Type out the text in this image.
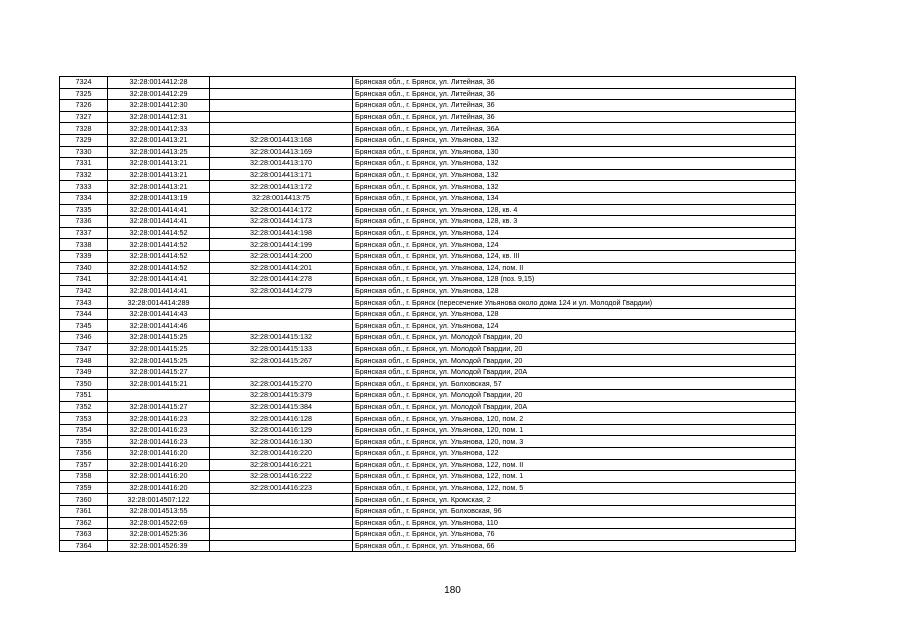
7324	32:28:0014412:28		Брянская обл., г. Брянск, ул. Литейная, 36
7325	32:28:0014412:29		Брянская обл., г. Брянск, ул. Литейная, 36
7326	32:28:0014412:30		Брянская обл., г. Брянск, ул. Литейная, 36
7327	32:28:0014412:31		Брянская обл., г. Брянск, ул. Литейная, 36
7328	32:28:0014412:33		Брянская обл., г. Брянск, ул. Литейная, 36А
7329	32:28:0014413:21	32:28:0014413:168	Брянская обл., г. Брянск, ул. Ульянова, 132
7330	32:28:0014413:25	32:28:0014413:169	Брянская обл., г. Брянск, ул. Ульянова, 130
7331	32:28:0014413:21	32:28:0014413:170	Брянская обл., г. Брянск, ул. Ульянова, 132
7332	32:28:0014413:21	32:28:0014413:171	Брянская обл., г. Брянск, ул. Ульянова, 132
7333	32:28:0014413:21	32:28:0014413:172	Брянская обл., г. Брянск, ул. Ульянова, 132
7334	32:28:0014413:19	32:28:0014413:75	Брянская обл., г. Брянск, ул. Ульянова, 134
7335	32:28:0014414:41	32:28:0014414:172	Брянская обл., г. Брянск, ул. Ульянова, 128, кв. 4
7336	32:28:0014414:41	32:28:0014414:173	Брянская обл., г. Брянск, ул. Ульянова, 128, кв. 3
7337	32:28:0014414:52	32:28:0014414:198	Брянская обл., г. Брянск, ул. Ульянова, 124
7338	32:28:0014414:52	32:28:0014414:199	Брянская обл., г. Брянск, ул. Ульянова, 124
7339	32:28:0014414:52	32:28:0014414:200	Брянская обл., г. Брянск, ул. Ульянова, 124, кв. III
7340	32:28:0014414:52	32:28:0014414:201	Брянская обл., г. Брянск, ул. Ульянова, 124, пом. II
7341	32:28:0014414:41	32:28:0014414:278	Брянская обл., г. Брянск, ул. Ульянова, 128 (поз. 9,15)
7342	32:28:0014414:41	32:28:0014414:279	Брянская обл., г. Брянск, ул. Ульянова, 128
7343	32:28:0014414:289		Брянская обл., г. Брянск (пересечение Ульянова около дома 124 и ул. Молодой Гвардии)
7344	32:28:0014414:43		Брянская обл., г. Брянск, ул. Ульянова, 128
7345	32:28:0014414:46		Брянская обл., г. Брянск, ул. Ульянова, 124
7346	32:28:0014415:25	32:28:0014415:132	Брянская обл., г. Брянск, ул. Молодой Гвардии, 20
7347	32:28:0014415:25	32:28:0014415:133	Брянская обл., г. Брянск, ул. Молодой Гвардии, 20
7348	32:28:0014415:25	32:28:0014415:267	Брянская обл., г. Брянск, ул. Молодой Гвардии, 20
7349	32:28:0014415:27		Брянская обл., г. Брянск, ул. Молодой Гвардии, 20А
7350	32:28:0014415:21	32:28:0014415:270	Брянская обл., г. Брянск, ул. Болховская, 57
7351		32:28:0014415:379	Брянская обл., г. Брянск, ул. Молодой Гвардии, 20
7352	32:28:0014415:27	32:28:0014415:384	Брянская обл., г. Брянск, ул. Молодой Гвардии, 20А
7353	32:28:0014416:23	32:28:0014416:128	Брянская обл., г. Брянск, ул. Ульянова, 120, пом. 2
7354	32:28:0014416:23	32:28:0014416:129	Брянская обл., г. Брянск, ул. Ульянова, 120, пом. 1
7355	32:28:0014416:23	32:28:0014416:130	Брянская обл., г. Брянск, ул. Ульянова, 120, пом. 3
7356	32:28:0014416:20	32:28:0014416:220	Брянская обл., г. Брянск, ул. Ульянова, 122
7357	32:28:0014416:20	32:28:0014416:221	Брянская обл., г. Брянск, ул. Ульянова, 122, пом. II
7358	32:28:0014416:20	32:28:0014416:222	Брянская обл., г. Брянск, ул. Ульянова, 122, пом. 1
7359	32:28:0014416:20	32:28:0014416:223	Брянская обл., г. Брянск, ул. Ульянова, 122, пом. 5
7360	32:28:0014507:122		Брянская обл., г. Брянск, ул. Кромская, 2
7361	32:28:0014513:55		Брянская обл., г. Брянск, ул. Болховская, 96
7362	32:28:0014522:69		Брянская обл., г. Брянск, ул. Ульянова, 110
7363	32:28:0014525:36		Брянская обл., г. Брянск, ул. Ульянова, 76
7364	32:28:0014526:39		Брянская обл., г. Брянск, ул. Ульянова, 66
180
